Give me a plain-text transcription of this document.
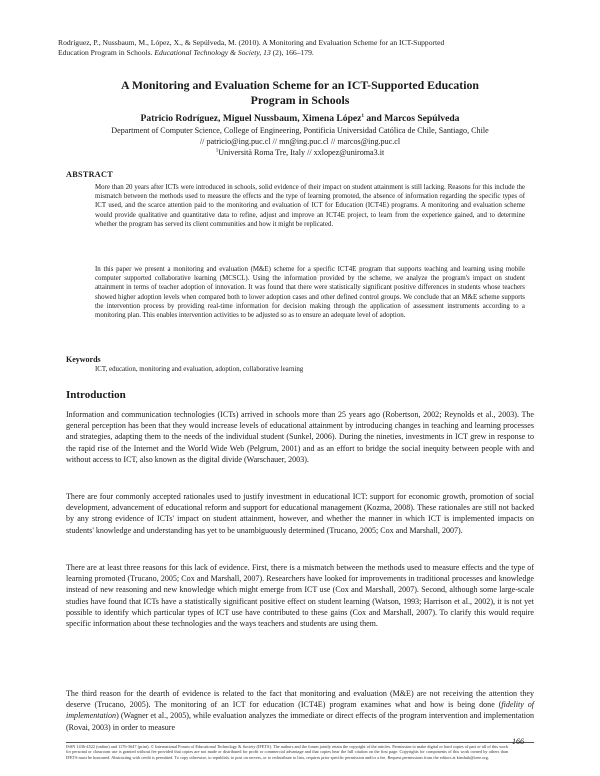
Rodríguez, P., Nussbaum, M., López, X., & Sepúlveda, M. (2010). A Monitoring and Evaluation Scheme for an ICT-Supported
Education Program in Schools. Educational Technology & Society, 13 (2), 166–179.
A Monitoring and Evaluation Scheme for an ICT-Supported Education
Program in Schools
Patricio Rodríguez, Miguel Nussbaum, Ximena López$^1$ and Marcos Sepúlveda
Department of Computer Science, College of Engineering, Pontificia Universidad Católica de Chile, Santiago, Chile
// patricio@ing.puc.cl // mn@ing.puc.cl // marcos@ing.puc.cl
$^1$Università Roma Tre, Italy // xxlopez@uniroma3.it
ABSTRACT

More than 20 years after ICTs were introduced in schools, solid evidence of their impact on student attainment is still lacking. Reasons for this include the mismatch between the methods used to measure the effects and the type of learning promoted, the absence of information regarding the specific types of ICT used, and the scarce attention paid to the monitoring and evaluation of ICT for Education (ICT4E) programs. A monitoring and evaluation scheme would provide qualitative and quantitative data to refine, adjust and improve an ICT4E project, to learn from the experience gained, and to determine whether the program has served its client communities and how it might be replicated.

In this paper we present a monitoring and evaluation (M&E) scheme for a specific ICT4E program that supports teaching and learning using mobile computer supported collaborative learning (MCSCL). Using the information provided by the scheme, we analyze the program's impact on student attainment in terms of teacher adoption of innovation. It was found that there were statistically significant positive differences in students whose teachers showed higher adoption levels when compared both to lower adoption cases and other defined control groups. We conclude that an M&E scheme supports the intervention process by providing real-time information for decision making through the application of assessment instruments according to a monitoring plan. This enables intervention activities to be adjusted so as to ensure an adequate level of adoption.

Keywords
ICT, education, monitoring and evaluation, adoption, collaborative learning
Introduction

Information and communication technologies (ICTs) arrived in schools more than 25 years ago (Robertson, 2002; Reynolds et al., 2003). The general perception has been that they would increase levels of educational attainment by introducing changes in teaching and learning processes and strategies, adapting them to the needs of the individual student (Sunkel, 2006). During the nineties, investments in ICT grew in response to the rapid rise of the Internet and the World Wide Web (Pelgrum, 2001) and as an effort to bridge the social inequity between people with and without access to ICT, also known as the digital divide (Warschauer, 2003).

There are four commonly accepted rationales used to justify investment in educational ICT: support for economic growth, promotion of social development, advancement of educational reform and support for educational management (Kozma, 2008). These rationales are still not backed by any strong evidence of ICTs' impact on student attainment, however, and whether the manner in which ICT is implemented impacts on students' knowledge and understanding has yet to be unambiguously determined (Trucano, 2005; Cox and Marshall, 2007).

There are at least three reasons for this lack of evidence. First, there is a mismatch between the methods used to measure effects and the type of learning promoted (Trucano, 2005; Cox and Marshall, 2007). Researchers have looked for improvements in traditional processes and knowledge instead of new reasoning and new knowledge which might emerge from ICT use (Cox and Marshall, 2007). Second, although some large-scale studies have found that ICTs have a statistically significant positive effect on student learning (Watson, 1993; Harrison et al., 2002), it is not yet possible to identify which particular types of ICT use have contributed to these gains (Cox and Marshall, 2007). To clarify this would require specific information about these technologies and the ways teachers and students are using them.

The third reason for the dearth of evidence is related to the fact that monitoring and evaluation (M&E) are not receiving the attention they deserve (Trucano, 2005). The monitoring of an ICT for education (ICT4E) program examines what and how is being done (fidelity of implementation) (Wagner et al., 2005), while evaluation analyzes the immediate or direct effects of the program intervention and implementation (Rovai, 2003) in order to measure

ISSN 1436-4522 (online) and 1176-3647 (print). © International Forum of Educational Technology & Society (IFETS). The authors and the forum jointly retain the copyright of the articles. Permission to make digital or hard copies of part or all of this work for personal or classroom use is granted without fee provided that copies are not made or distributed for profit or commercial advantage and that copies bear the full citation on the first page. Copyrights for components of this work owned by others than IFETS must be honoured. Abstracting with credit is permitted. To copy otherwise, to republish, to post on servers, or to redistribute to lists, requires prior specific permission and/or a fee. Request permissions from the editors at kinshuk@ieee.org.
166
